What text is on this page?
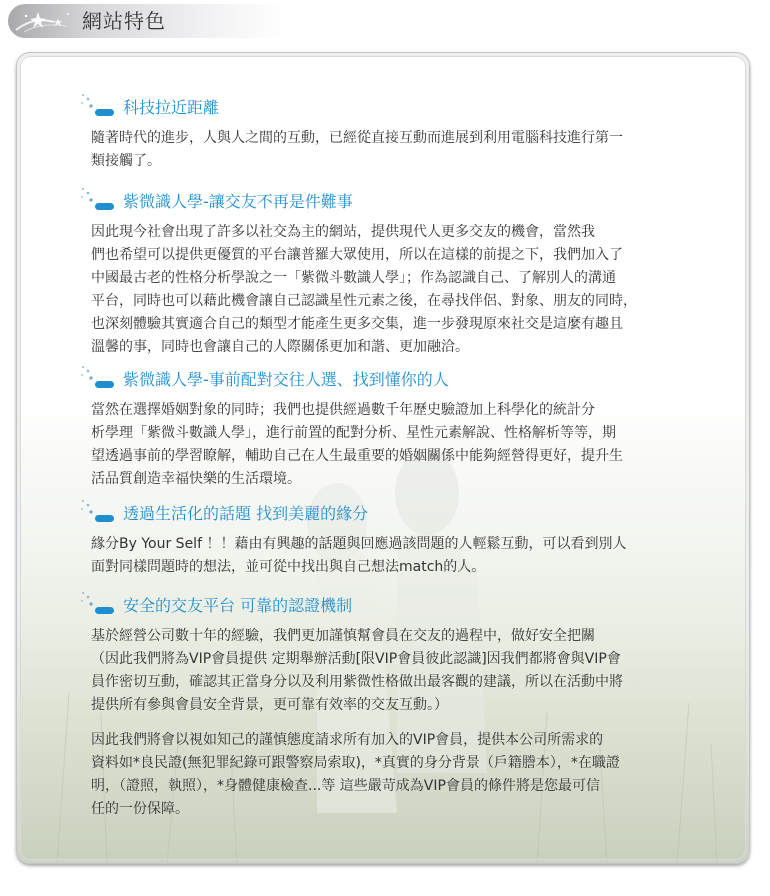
網站特色
科技拉近距離
隨著時代的進步，人與人之間的互動，已經從直接互動而進展到利用電腦科技進行第一
類接觸了。
紫微識人學-讓交友不再是件難事
因此現今社會出現了許多以社交為主的網站，提供現代人更多交友的機會，當然我
們也希望可以提供更優質的平台讓普羅大眾使用，所以在這樣的前提之下，我們加入了
中國最古老的性格分析學說之一「紫微斗數識人學」；作為認識自己、了解別人的溝通
平台，同時也可以藉此機會讓自己認識星性元素之後，在尋找伴侶、對象、朋友的同時，
也深刻體驗其實適合自己的類型才能產生更多交集，進一步發現原來社交是這麼有趣且
溫馨的事，同時也會讓自己的人際關係更加和諧、更加融洽。
紫微識人學-事前配對交往人選、找到懂你的人
當然在選擇婚姻對象的同時；我們也提供經過數千年歷史驗證加上科學化的統計分
析學理「紫微斗數識人學」，進行前置的配對分析、星性元素解說、性格解析等等，期
望透過事前的學習瞭解，輔助自己在人生最重要的婚姻關係中能夠經營得更好，提升生
活品質創造幸福快樂的生活環境。
透過生活化的話題 找到美麗的緣分
緣分By Your Self ！！藉由有興趣的話題與回應過該問題的人輕鬆互動，可以看到別人
面對同樣問題時的想法，並可從中找出與自己想法match的人。
安全的交友平台 可靠的認證機制
基於經營公司數十年的經驗，我們更加謹慎幫會員在交友的過程中，做好安全把關
（因此我們將為VIP會員提供 定期舉辦活動[限VIP會員彼此認識]因我們都將會與VIP會
員作密切互動，確認其正當身分以及利用紫微性格做出最客觀的建議，所以在活動中將
提供所有參與會員安全背景，更可靠有效率的交友互動。）
因此我們將會以視如知己的謹慎態度請求所有加入的VIP會員，提供本公司所需求的
資料如*良民證(無犯罪紀錄可跟警察局索取)，*真實的身分背景（戶籍謄本），*在職證
明，（證照，執照），*身體健康檢查...等 這些嚴苛成為VIP會員的條件將是您最可信
任的一份保障。
